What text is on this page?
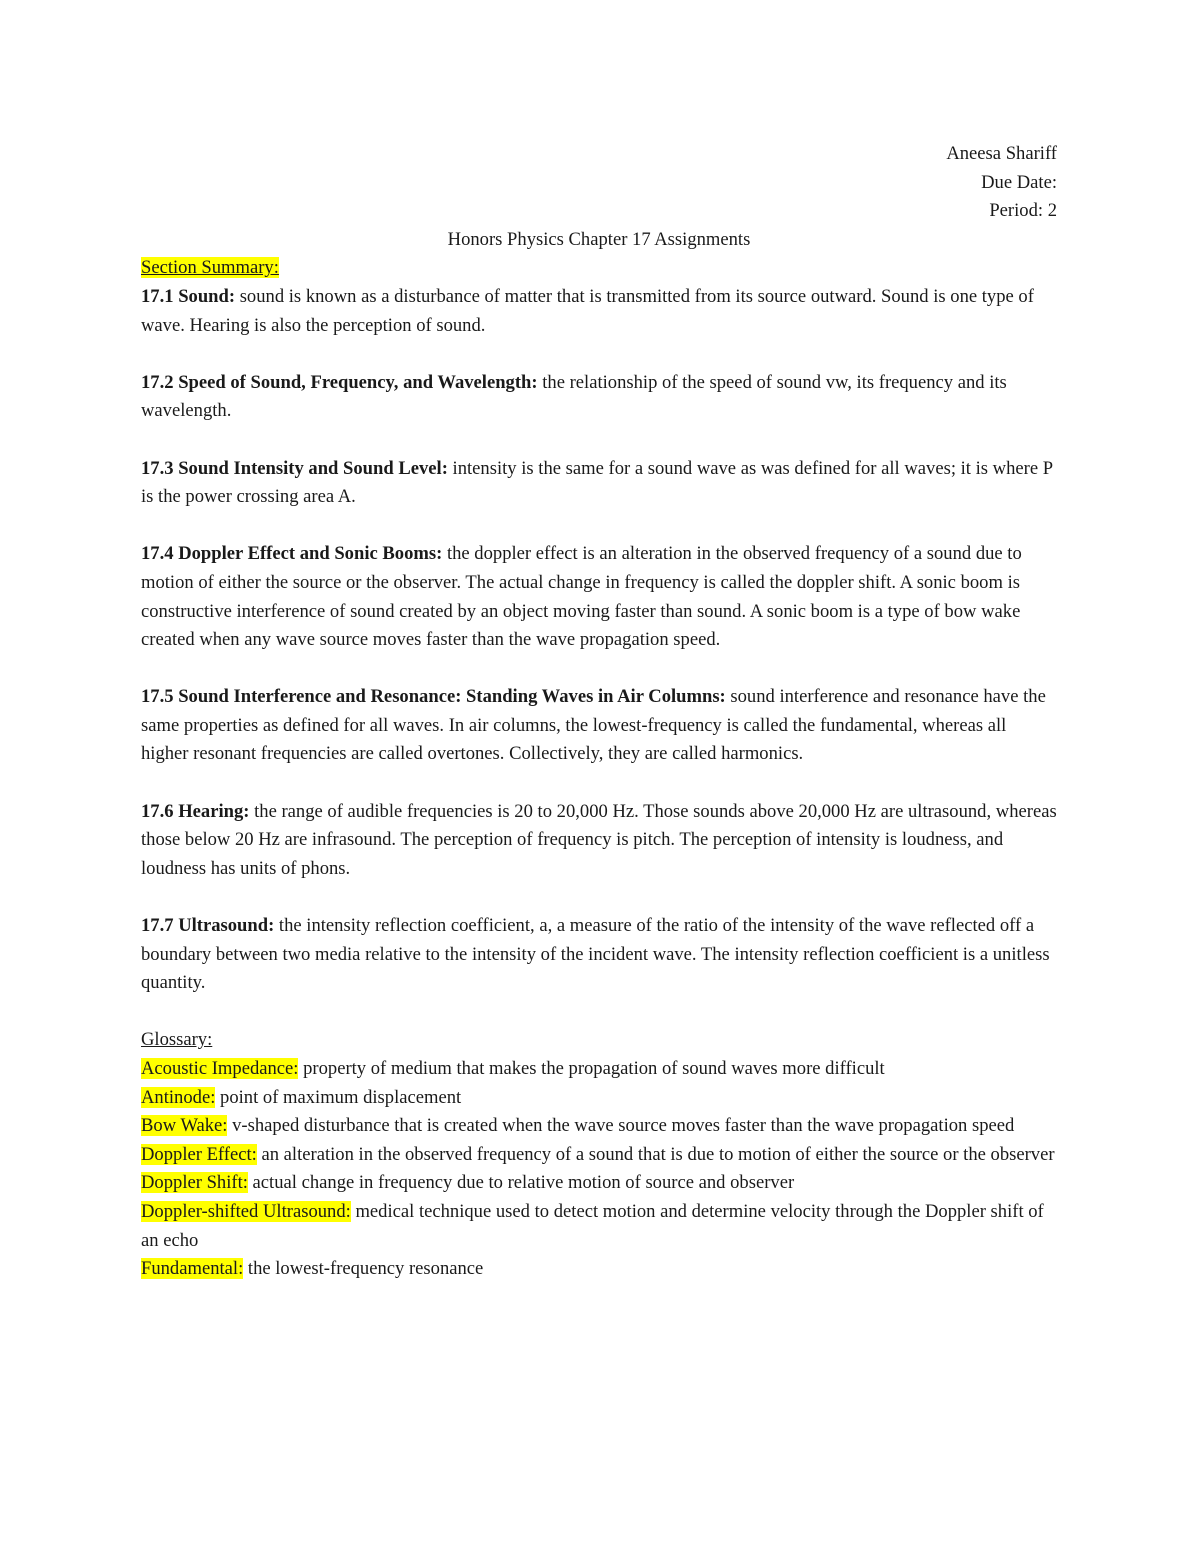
Aneesa Shariff
Due Date:
Period: 2
Honors Physics Chapter 17 Assignments
Section Summary:

17.1 Sound: sound is known as a disturbance of matter that is transmitted from its source outward. Sound is one type of wave. Hearing is also the perception of sound.

17.2 Speed of Sound, Frequency, and Wavelength: the relationship of the speed of sound vw, its frequency and its wavelength.

17.3 Sound Intensity and Sound Level: intensity is the same for a sound wave as was defined for all waves; it is where P is the power crossing area A.

17.4 Doppler Effect and Sonic Booms: the doppler effect is an alteration in the observed frequency of a sound due to motion of either the source or the observer. The actual change in frequency is called the doppler shift. A sonic boom is constructive interference of sound created by an object moving faster than sound. A sonic boom is a type of bow wake created when any wave source moves faster than the wave propagation speed.

17.5 Sound Interference and Resonance: Standing Waves in Air Columns: sound interference and resonance have the same properties as defined for all waves. In air columns, the lowest-frequency is called the fundamental, whereas all higher resonant frequencies are called overtones. Collectively, they are called harmonics.

17.6 Hearing: the range of audible frequencies is 20 to 20,000 Hz. Those sounds above 20,000 Hz are ultrasound, whereas those below 20 Hz are infrasound. The perception of frequency is pitch. The perception of intensity is loudness, and loudness has units of phons.

17.7 Ultrasound: the intensity reflection coefficient, a, a measure of the ratio of the intensity of the wave reflected off a boundary between two media relative to the intensity of the incident wave. The intensity reflection coefficient is a unitless quantity.

Glossary:

Acoustic Impedance: property of medium that makes the propagation of sound waves more difficult

Antinode: point of maximum displacement

Bow Wake: v-shaped disturbance that is created when the wave source moves faster than the wave propagation speed

Doppler Effect: an alteration in the observed frequency of a sound that is due to motion of either the source or the observer

Doppler Shift: actual change in frequency due to relative motion of source and observer

Doppler-shifted Ultrasound: medical technique used to detect motion and determine velocity through the Doppler shift of an echo

Fundamental: the lowest-frequency resonance
